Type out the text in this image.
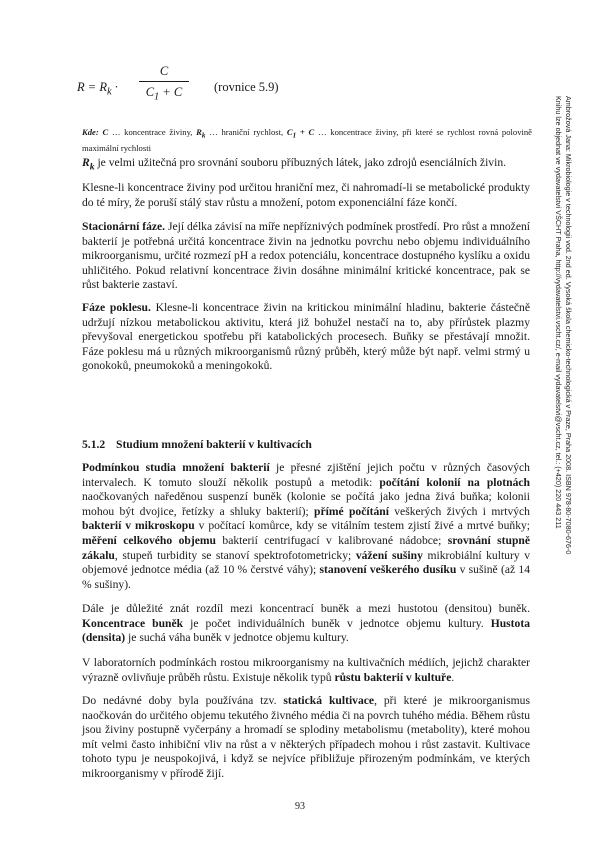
$R = R_k$ ·
C
$C_1 + C$	(rovnice 5.9)
Kde: C … koncentrace živiny, $R_k$ … hraniční rychlost, $C_1 + C$ … koncentrace živiny, při které se rychlost rovná polovině maximální rychlosti

$R_k$ je velmi užitečná pro srovnání souboru příbuzných látek, jako zdrojů esenciálních živin.

Klesne-li koncentrace živiny pod určitou hraniční mez, či nahromadí-li se metabolické produkty do té míry, že poruší stálý stav růstu a množení, potom exponenciální fáze končí.

Stacionární fáze. Její délka závisí na míře nepříznivých podmínek prostředí. Pro růst a množení bakterií je potřebná určitá koncentrace živin na jednotku povrchu nebo objemu individuálního mikroorganismu, určité rozmezí pH a redox potenciálu, koncentrace dostupného kyslíku a oxidu uhličitého. Pokud relativní koncentrace živin dosáhne minimální kritické koncentrace, pak se růst bakterie zastaví.

Fáze poklesu. Klesne-li koncentrace živin na kritickou minimální hladinu, bakterie částečně udržují nízkou metabolickou aktivitu, která již bohužel nestačí na to, aby přírůstek plazmy převyšoval energetickou spotřebu při katabolických procesech. Buňky se přestávají množit. Fáze poklesu má u různých mikroorganismů různý průběh, který může být např. velmi strmý u gonokoků, pneumokoků a meningokoků.

5.1.2 Studium množení bakterií v kultivacích

Podmínkou studia množení bakterií je přesné zjištění jejich počtu v různých časových intervalech. K tomuto slouží několik postupů a metodik: počítání kolonií na plotnách naočkovaných naředěnou suspenzí buněk (kolonie se počítá jako jedna živá buňka; kolonii mohou být dvojice, řetízky a shluky bakterií); přímé počítání veškerých živých i mrtvých bakterií v mikroskopu v počítací komůrce, kdy se vitálním testem zjistí živé a mrtvé buňky; měření celkového objemu bakterií centrifugací v kalibrované nádobce; srovnání stupně zákalu, stupeň turbidity se stanoví spektrofotometricky; vážení sušiny mikrobiální kultury v objemové jednotce média (až 10 % čerstvé váhy); stanovení veškerého dusíku v sušině (až 14 % sušiny).

Dále je důležité znát rozdíl mezi koncentrací buněk a mezi hustotou (densitou) buněk. Koncentrace buněk je počet individuálních buněk v jednotce objemu kultury. Hustota (densita) je suchá váha buněk v jednotce objemu kultury.

V laboratorních podmínkách rostou mikroorganismy na kultivačních médiích, jejichž charakter výrazně ovlivňuje průběh růstu. Existuje několik typů růstu bakterií v kultuře.

Do nedávné doby byla používána tzv. statická kultivace, při které je mikroorganismus naočkován do určitého objemu tekutého živného média či na povrch tuhého média. Během růstu jsou živiny postupně vyčerpány a hromadí se splodiny metabolismu (metabolity), které mohou mít velmi často inhibiční vliv na růst a v některých případech mohou i růst zastavit. Kultivace tohoto typu je neuspokojivá, i když se nejvíce přibližuje přirozeným podmínkám, ve kterých mikroorganismy v přírodě žijí.

93
Ambrožová Jana: Mikrobiologie v technologii vod. 2nd ed. Vysoká škola chemicko-technologická v Praze, Praha 2008. ISBN 978-80-7080-676-0
Knihu lze objednat ve vydavatelství VŠCHT Praha, http://vydavatelstvi.vscht.cz/, e-mail vydavatelstvi@vscht.cz, tel.: (+420) 220 443 211
